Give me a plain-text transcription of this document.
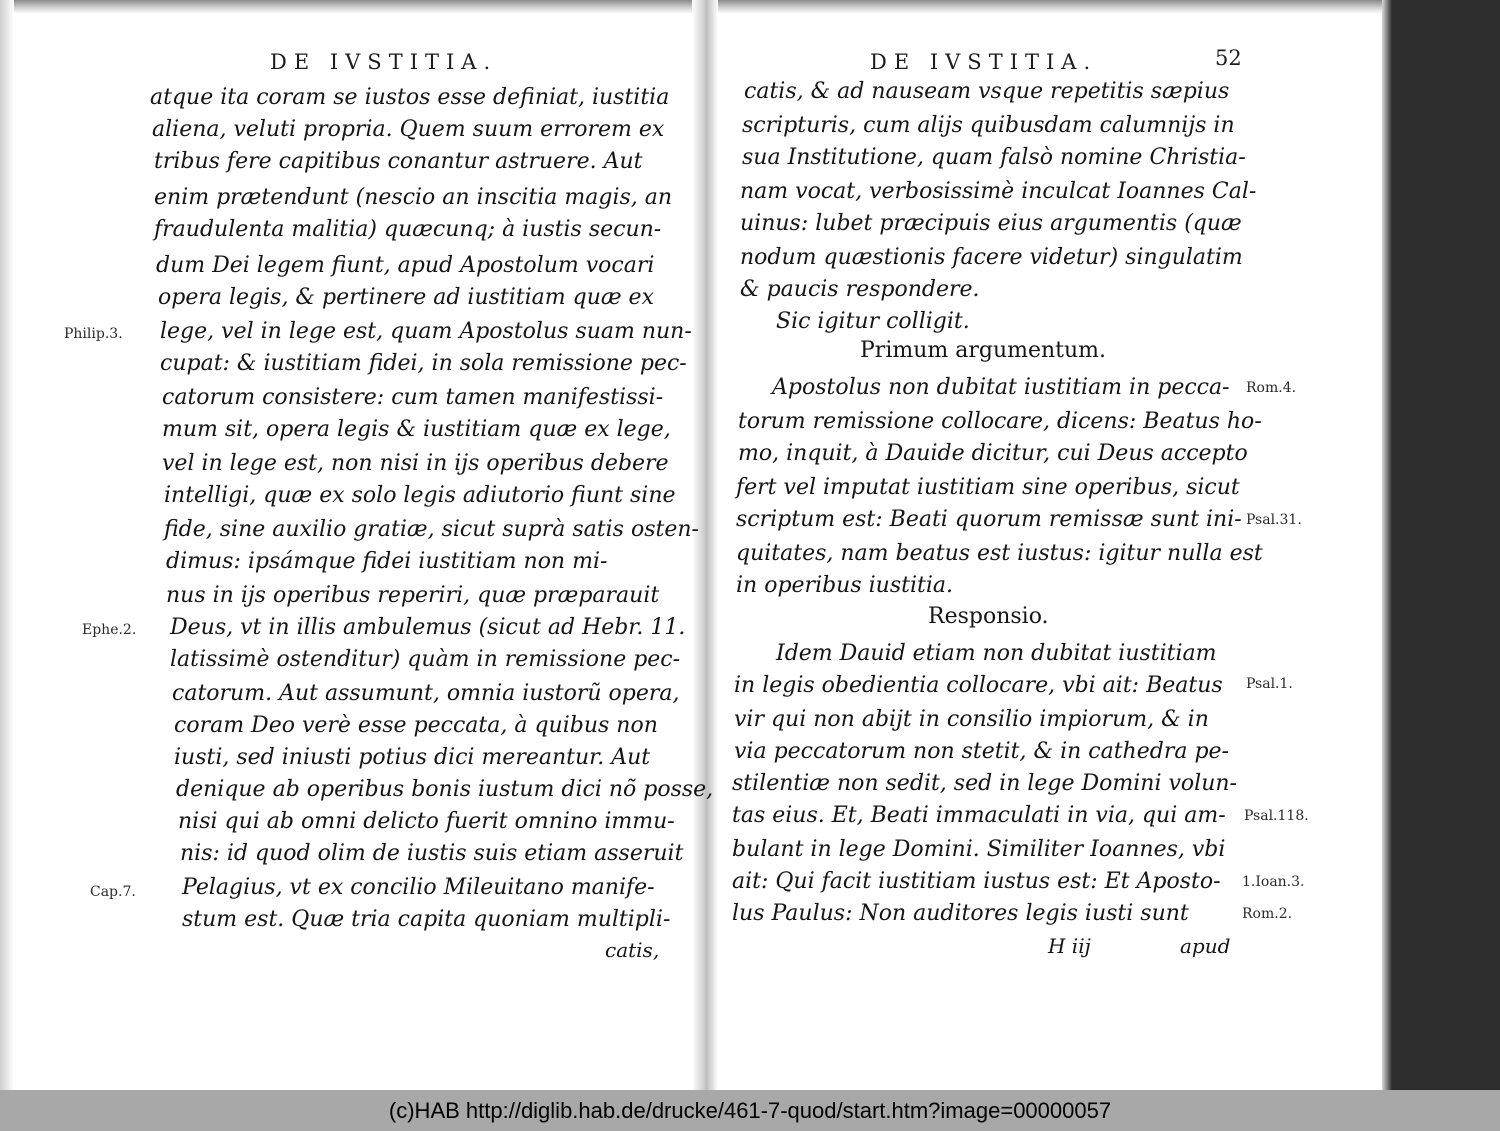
DE IVSTITIA.
atque ita coram se iustos esse definiat, iustitia
aliena, veluti propria. Quem suum errorem ex
tribus fere capitibus conantur astruere. Aut
enim prætendunt (nescio an inscitia magis, an
fraudulenta malitia) quæcunq; à iustis secun-
dum Dei legem fiunt, apud Apostolum vocari
opera legis, & pertinere ad iustitiam quæ ex
lege, vel in lege est, quam Apostolus suam nun-
cupat: & iustitiam fidei, in sola remissione pec-
catorum consistere: cum tamen manifestissi-
mum sit, opera legis & iustitiam quæ ex lege,
vel in lege est, non nisi in ijs operibus debere
intelligi, quæ ex solo legis adiutorio fiunt sine
fide, sine auxilio gratiæ, sicut suprà satis osten-
dimus: ipsámque fidei iustitiam non mi-
nus in ijs operibus reperiri, quæ præparauit
Deus, vt in illis ambulemus (sicut ad Hebr. 11.
latissimè ostenditur) quàm in remissione pec-
catorum. Aut assumunt, omnia iustorũ opera,
coram Deo verè esse peccata, à quibus non
iusti, sed iniusti potius dici mereantur. Aut
denique ab operibus bonis iustum dici nõ posse,
nisi qui ab omni delicto fuerit omnino immu-
nis: id quod olim de iustis suis etiam asseruit
Pelagius, vt ex concilio Mileuitano manife-
stum est. Quæ tria capita quoniam multipli-
catis,
Philip.3.
Ephe.2.
Cap.7.
DE IVSTITIA.	52
catis, & ad nauseam vsque repetitis sæpius
scripturis, cum alijs quibusdam calumnijs in
sua Institutione, quam falsò nomine Christia-
nam vocat, verbosissimè inculcat Ioannes Cal-
uinus: lubet præcipuis eius argumentis (quæ
nodum quæstionis facere videtur) singulatim
& paucis respondere.
Sic igitur colligit.
Primum argumentum.
Apostolus non dubitat iustitiam in pecca-
torum remissione collocare, dicens: Beatus ho-
mo, inquit, à Dauide dicitur, cui Deus accepto
fert vel imputat iustitiam sine operibus, sicut
scriptum est: Beati quorum remissæ sunt ini-
quitates, nam beatus est iustus: igitur nulla est
in operibus iustitia.
Responsio.
Idem Dauid etiam non dubitat iustitiam
in legis obedientia collocare, vbi ait: Beatus
vir qui non abijt in consilio impiorum, & in
via peccatorum non stetit, & in cathedra pe-
stilentiæ non sedit, sed in lege Domini volun-
tas eius. Et, Beati immaculati in via, qui am-
bulant in lege Domini. Similiter Ioannes, vbi
ait: Qui facit iustitiam iustus est: Et Aposto-
lus Paulus: Non auditores legis iusti sunt
H iij	apud
Rom.4.
Psal.31.
Psal.1.
Psal.118.
1.Ioan.3.
Rom.2.
(c)HAB http://diglib.hab.de/drucke/461-7-quod/start.htm?image=00000057
